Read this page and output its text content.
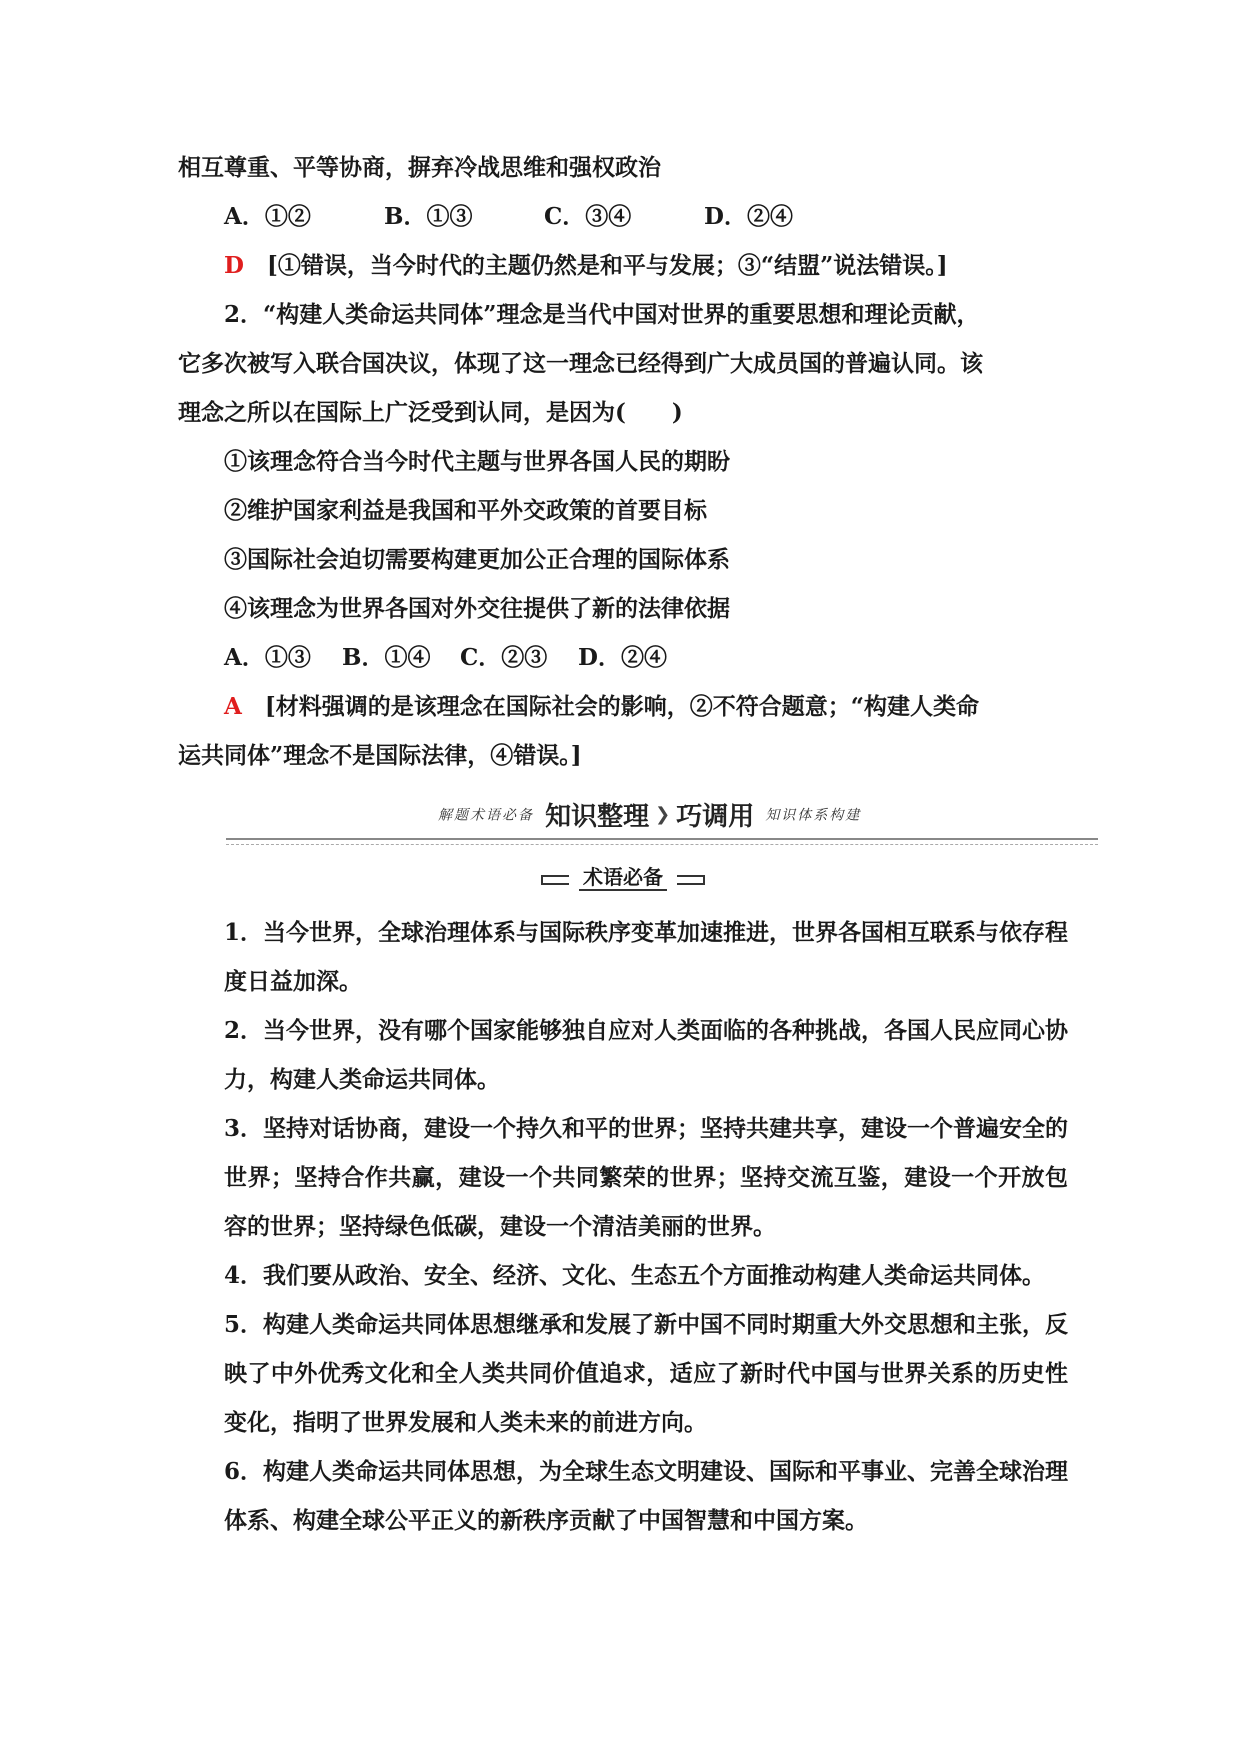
相互尊重、平等协商，摒弃冷战思维和强权政治

A．①②	B．①③	C．③④	D．②④

D　 [①错误，当今时代的主题仍然是和平与发展；③“结盟”说法错误。]

2．“构建人类命运共同体”理念是当代中国对世界的重要思想和理论贡献，

它多次被写入联合国决议，体现了这一理念已经得到广大成员国的普遍认同。该

理念之所以在国际上广泛受到认同，是因为(　　)

①该理念符合当今时代主题与世界各国人民的期盼

②维护国家利益是我国和平外交政策的首要目标

③国际社会迫切需要构建更加公正合理的国际体系

④该理念为世界各国对外交往提供了新的法律依据

A．①③ B．①④ C．②③ D．②④

A　 [材料强调的是该理念在国际社会的影响，②不符合题意；“构建人类命

运共同体”理念不是国际法律，④错误。]

解题术语必备 知识整理 ❯ 巧调用 知识体系构建
术语必备

1．当今世界，全球治理体系与国际秩序变革加速推进，世界各国相互联系与依存程度日益加深。

2．当今世界，没有哪个国家能够独自应对人类面临的各种挑战，各国人民应同心协力，构建人类命运共同体。

3．坚持对话协商，建设一个持久和平的世界；坚持共建共享，建设一个普遍安全的世界；坚持合作共赢，建设一个共同繁荣的世界；坚持交流互鉴，建设一个开放包容的世界；坚持绿色低碳，建设一个清洁美丽的世界。

4．我们要从政治、安全、经济、文化、生态五个方面推动构建人类命运共同体。

5．构建人类命运共同体思想继承和发展了新中国不同时期重大外交思想和主张，反映了中外优秀文化和全人类共同价值追求，适应了新时代中国与世界关系的历史性变化，指明了世界发展和人类未来的前进方向。

6．构建人类命运共同体思想，为全球生态文明建设、国际和平事业、完善全球治理体系、构建全球公平正义的新秩序贡献了中国智慧和中国方案。
